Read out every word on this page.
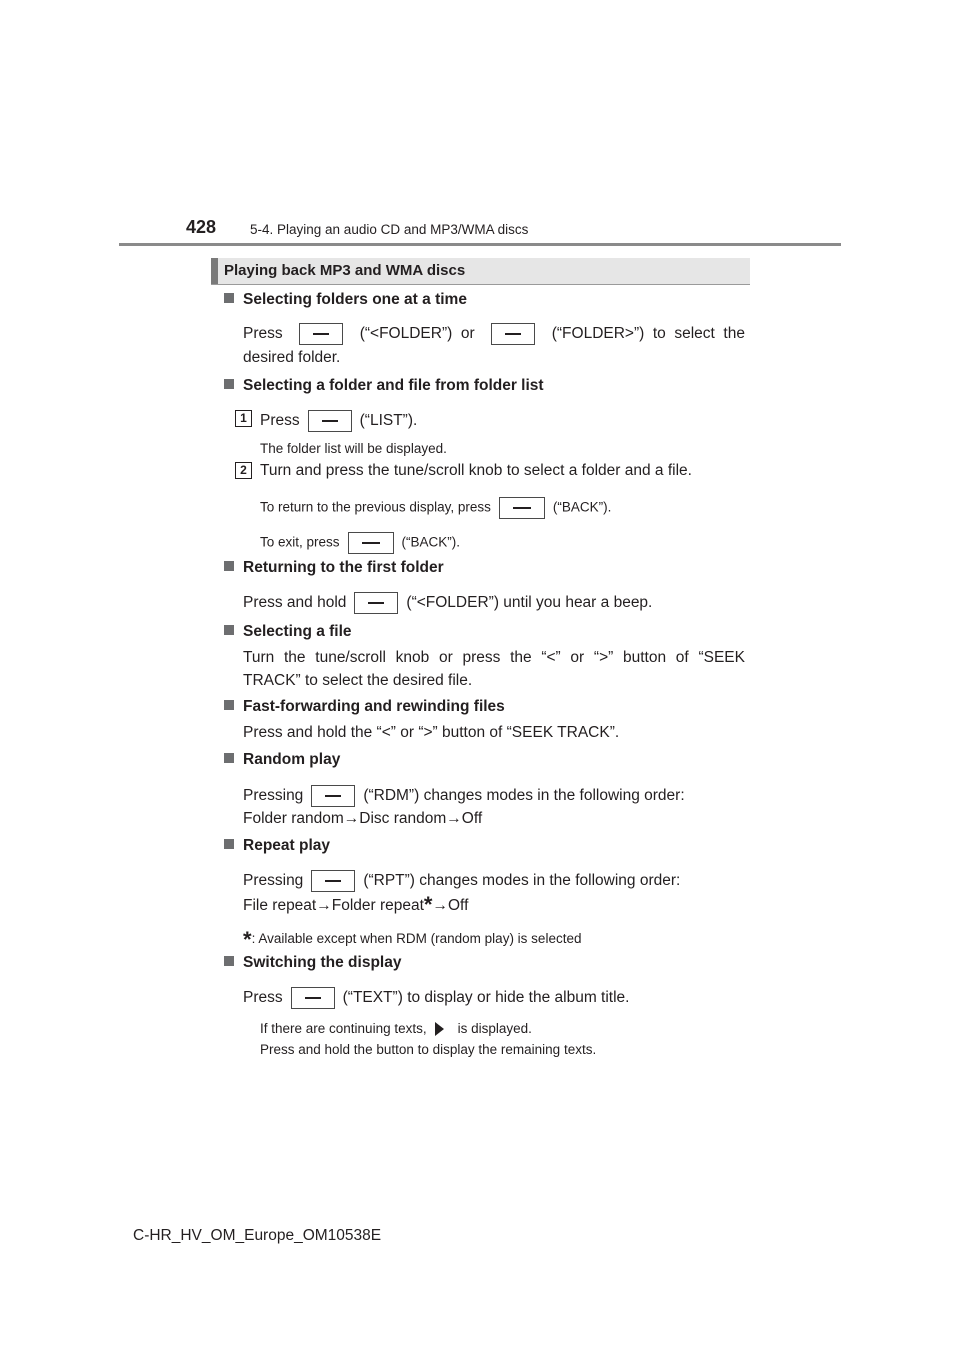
428	5-4. Playing an audio CD and MP3/WMA discs
Playing back MP3 and WMA discs
Selecting folders one at a time
Press	(“<FOLDER”) or	(“FOLDER>”) to select the
desired folder.
Selecting a folder and file from folder list
1 Press	(“LIST”).
The folder list will be displayed.
2 Turn and press the tune/scroll knob to select a folder and a file.
To return to the previous display, press	(“BACK”).
To exit, press	(“BACK”).
Returning to the first folder
Press and hold	(“<FOLDER”) until you hear a beep.
Selecting a file
Turn the tune/scroll knob or press the “<” or “>” button of “SEEK
TRACK” to select the desired file.
Fast-forwarding and rewinding files
Press and hold the “<” or “>” button of “SEEK TRACK”.
Random play
Pressing	(“RDM”) changes modes in the following order:
Folder random→Disc random→Off
Repeat play
Pressing	(“RPT”) changes modes in the following order:
File repeat→Folder repeat*→Off
*: Available except when RDM (random play) is selected
Switching the display
Press	(“TEXT”) to display or hide the album title.
If there are continuing texts, is displayed.
Press and hold the button to display the remaining texts.
C-HR_HV_OM_Europe_OM10538E
